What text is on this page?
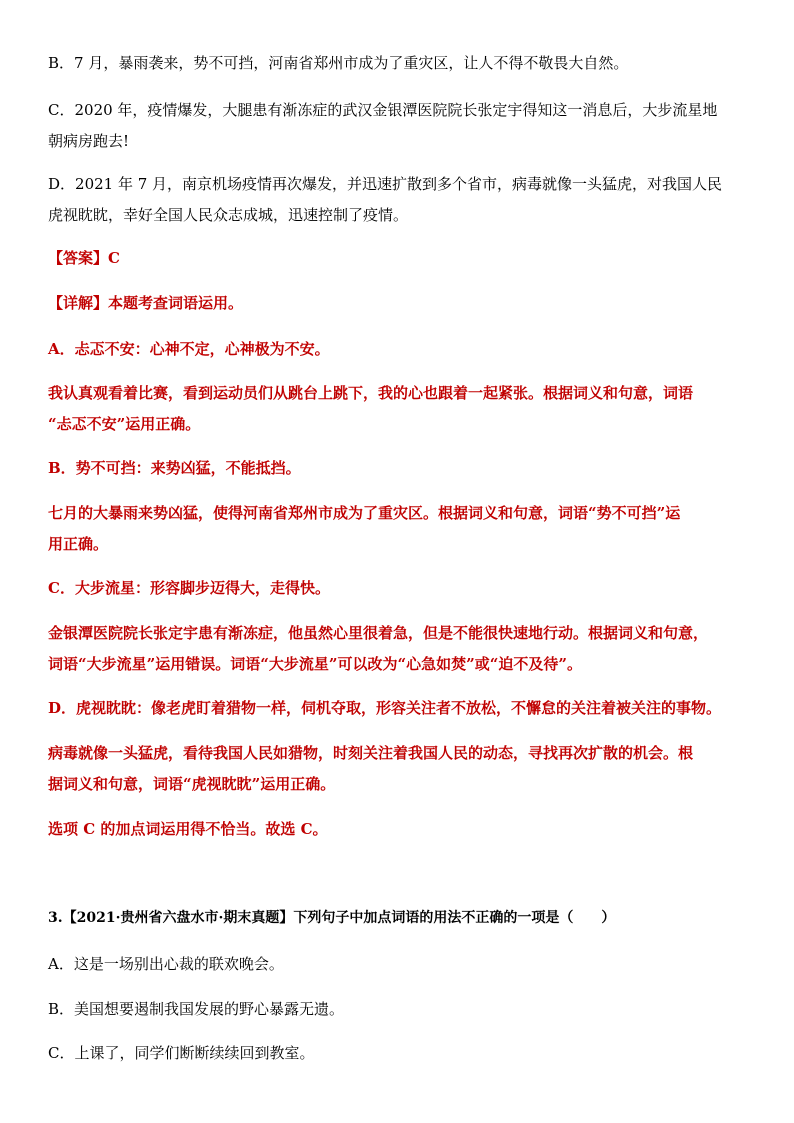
B．7 月，暴雨袭来，势不可挡，河南省郑州市成为了重灾区，让人不得不敬畏大自然。

C．2020 年，疫情爆发，大腿患有渐冻症的武汉金银潭医院院长张定宇得知这一消息后，大步流星地
朝病房跑去!

D．2021 年 7 月，南京机场疫情再次爆发，并迅速扩散到多个省市，病毒就像一头猛虎，对我国人民
虎视眈眈，幸好全国人民众志成城，迅速控制了疫情。

【答案】C

【详解】本题考查词语运用。

A．忐忑不安：心神不定，心神极为不安。

我认真观看着比赛，看到运动员们从跳台上跳下，我的心也跟着一起紧张。根据词义和句意，词语
“忐忑不安”运用正确。

B．势不可挡：来势凶猛，不能抵挡。

七月的大暴雨来势凶猛，使得河南省郑州市成为了重灾区。根据词义和句意，词语“势不可挡”运
用正确。

C．大步流星：形容脚步迈得大，走得快。

金银潭医院院长张定宇患有渐冻症，他虽然心里很着急，但是不能很快速地行动。根据词义和句意，
词语“大步流星”运用错误。词语“大步流星”可以改为“心急如焚”或“迫不及待”。

D．虎视眈眈：像老虎盯着猎物一样，伺机夺取，形容关注者不放松，不懈怠的关注着被关注的事物。

病毒就像一头猛虎，看待我国人民如猎物，时刻关注着我国人民的动态，寻找再次扩散的机会。根
据词义和句意，词语“虎视眈眈”运用正确。

选项 C 的加点词运用得不恰当。故选 C。

3.【2021·贵州省六盘水市·期末真题】下列句子中加点词语的用法不正确的一项是（　　）

A．这是一场别出心裁的联欢晚会。

B．美国想要遏制我国发展的野心暴露无遗。

C．上课了，同学们断断续续回到教室。
